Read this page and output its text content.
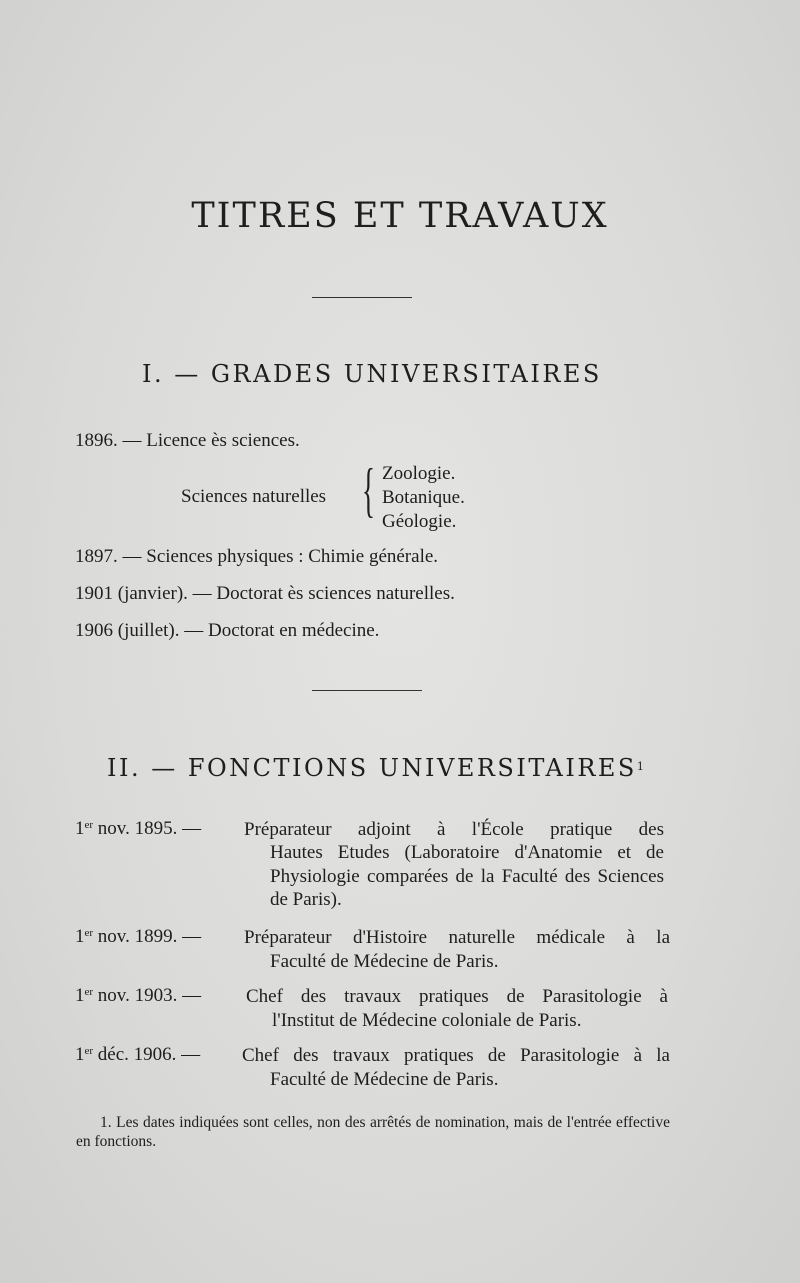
TITRES ET TRAVAUX
I. — GRADES UNIVERSITAIRES
1896. — Licence ès sciences.
Sciences naturelles { Zoologie.
Botanique.
Géologie.
1897. — Sciences physiques : Chimie générale.
1901 (janvier). — Doctorat ès sciences naturelles.
1906 (juillet). — Doctorat en médecine.
II. — FONCTIONS UNIVERSITAIRES$^1$
1er nov. 1895. — Préparateur adjoint à l'École pratique des
Hautes Etudes (Laboratoire d'Anatomie et de Physiologie comparées de la Faculté des Sciences de Paris).
1er nov. 1899. — Préparateur d'Histoire naturelle médicale à la
Faculté de Médecine de Paris.
1er nov. 1903. — Chef des travaux pratiques de Parasitologie à
l'Institut de Médecine coloniale de Paris.
1er déc. 1906. — Chef des travaux pratiques de Parasitologie à la
Faculté de Médecine de Paris.
1. Les dates indiquées sont celles, non des arrêtés de nomination, mais de l'entrée effective en fonctions.
